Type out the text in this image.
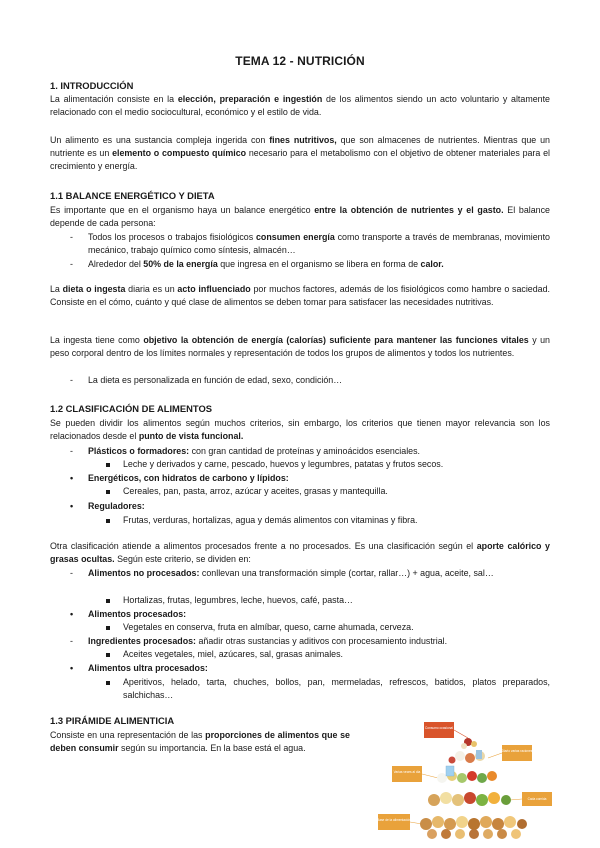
TEMA 12 - NUTRICIÓN
1. INTRODUCCIÓN

La alimentación consiste en la elección, preparación e ingestión de los alimentos siendo un acto voluntario y altamente relacionado con el medio sociocultural, económico y el estilo de vida.

Un alimento es una sustancia compleja ingerida con fines nutritivos, que son almacenes de nutrientes. Mientras que un nutriente es un elemento o compuesto químico necesario para el metabolismo con el objetivo de obtener materiales para el crecimiento y energía.

1.1 BALANCE ENERGÉTICO Y DIETA

Es importante que en el organismo haya un balance energético entre la obtención de nutrientes y el gasto. El balance depende de cada persona:

- Todos los procesos o trabajos fisiológicos consumen energía como transporte a través de membranas, movimiento mecánico, trabajo químico como síntesis, almacén…

- Alrededor del 50% de la energía que ingresa en el organismo se libera en forma de calor.

La dieta o ingesta diaria es un acto influenciado por muchos factores, además de los fisiológicos como hambre o saciedad. Consiste en el cómo, cuánto y qué clase de alimentos se deben tomar para satisfacer las necesidades nutritivas.

La ingesta tiene como objetivo la obtención de energía (calorías) suficiente para mantener las funciones vitales y un peso corporal dentro de los límites normales y representación de todos los grupos de alimentos y todos los nutrientes.

- La dieta es personalizada en función de edad, sexo, condición…

1.2 CLASIFICACIÓN DE ALIMENTOS

Se pueden dividir los alimentos según muchos criterios, sin embargo, los criterios que tienen mayor relevancia son los relacionados desde el punto de vista funcional.

- Plásticos o formadores: con gran cantidad de proteínas y aminoácidos esenciales.

Leche y derivados y carne, pescado, huevos y legumbres, patatas y frutos secos.

• Energéticos, con hidratos de carbono y lípidos:

Cereales, pan, pasta, arroz, azúcar y aceites, grasas y mantequilla.

• Reguladores:

Frutas, verduras, hortalizas, agua y demás alimentos con vitaminas y fibra.

Otra clasificación atiende a alimentos procesados frente a no procesados. Es una clasificación según el aporte calórico y grasas ocultas. Según este criterio, se dividen en:

- Alimentos no procesados: conllevan una transformación simple (cortar, rallar…) + agua, aceite, sal…

Hortalizas, frutas, legumbres, leche, huevos, café, pasta…

• Alimentos procesados:

Vegetales en conserva, fruta en almíbar, queso, carne ahumada, cerveza.

- Ingredientes procesados: añadir otras sustancias y aditivos con procesamiento industrial.

Aceites vegetales, miel, azúcares, sal, grasas animales.

• Alimentos ultra procesados:

Aperitivos, helado, tarta, chuches, bollos, pan, mermeladas, refrescos, batidos, platos preparados, salchichas…

1.3 PIRÁMIDE ALIMENTICIA

Consiste en una representación de las proporciones de alimentos que se deben consumir según su importancia. En la base está el agua.

Consumo ocasional
Diario varias raciones
Varias veces al día
Cada comida
Base de la alimentación
